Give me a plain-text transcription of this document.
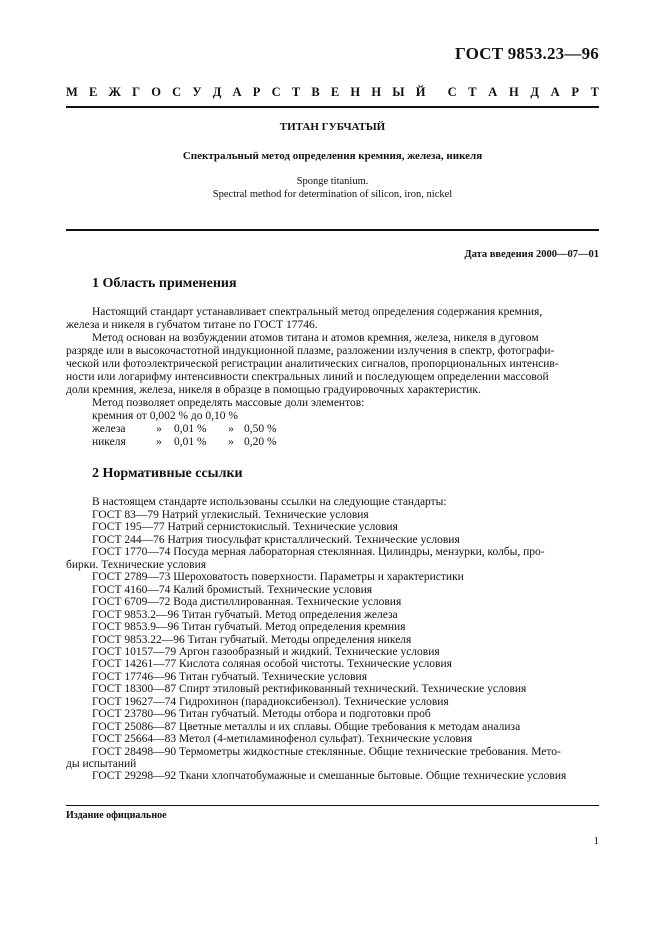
ГОСТ 9853.23—96
М Е Ж Г О С У Д А Р С Т В Е Н Н Ы Й С Т А Н Д А Р Т
ТИТАН ГУБЧАТЫЙ
Спектральный метод определения кремния, железа, никеля
Sponge titanium.
Spectral method for determination of silicon, iron, nickel
Дата введения 2000—07—01
1 Область применения
Настоящий стандарт устанавливает спектральный метод определения содержания кремния,
железа и никеля в губчатом титане по ГОСТ 17746.
Метод основан на возбуждении атомов титана и атомов кремния, железа, никеля в дуговом
разряде или в высокочастотной индукционной плазме, разложении излучения в спектр, фотографи-
ческой или фотоэлектрической регистрации аналитических сигналов, пропорциональных интенсив-
ности или логарифму интенсивности спектральных линий и последующем определении массовой
доли кремния, железа, никеля в образце в помощью градуировочных характеристик.
Метод позволяет определять массовые доли элементов:
кремния от 0,002 % до 0,10 %
железа	»	0,01 %	» 0,50 %
никеля	»	0,01 %	» 0,20 %
2 Нормативные ссылки
В настоящем стандарте использованы ссылки на следующие стандарты:
ГОСТ 83—79 Натрий углекислый. Технические условия
ГОСТ 195—77 Натрий сернистокислый. Технические условия
ГОСТ 244—76 Натрия тиосульфат кристаллический. Технические условия
ГОСТ 1770—74 Посуда мерная лабораторная стеклянная. Цилиндры, мензурки, колбы, про-
бирки. Технические условия
ГОСТ 2789—73 Шероховатость поверхности. Параметры и характеристики
ГОСТ 4160—74 Калий бромистый. Технические условия
ГОСТ 6709—72 Вода дистиллированная. Технические условия
ГОСТ 9853.2—96 Титан губчатый. Метод определения железа
ГОСТ 9853.9—96 Титан губчатый. Метод определения кремния
ГОСТ 9853.22—96 Титан губчатый. Методы определения никеля
ГОСТ 10157—79 Аргон газообразный и жидкий. Технические условия
ГОСТ 14261—77 Кислота соляная особой чистоты. Технические условия
ГОСТ 17746—96 Титан губчатый. Технические условия
ГОСТ 18300—87 Спирт этиловый ректификованный технический. Технические условия
ГОСТ 19627—74 Гидрохинон (парадиоксибензол). Технические условия
ГОСТ 23780—96 Титан губчатый. Методы отбора и подготовки проб
ГОСТ 25086—87 Цветные металлы и их сплавы. Общие требования к методам анализа
ГОСТ 25664—83 Метол (4-метиламинофенол сульфат). Технические условия
ГОСТ 28498—90 Термометры жидкостные стеклянные. Общие технические требования. Мето-
ды испытаний
ГОСТ 29298—92 Ткани хлопчатобумажные и смешанные бытовые. Общие технические условия
Издание официальное
1
